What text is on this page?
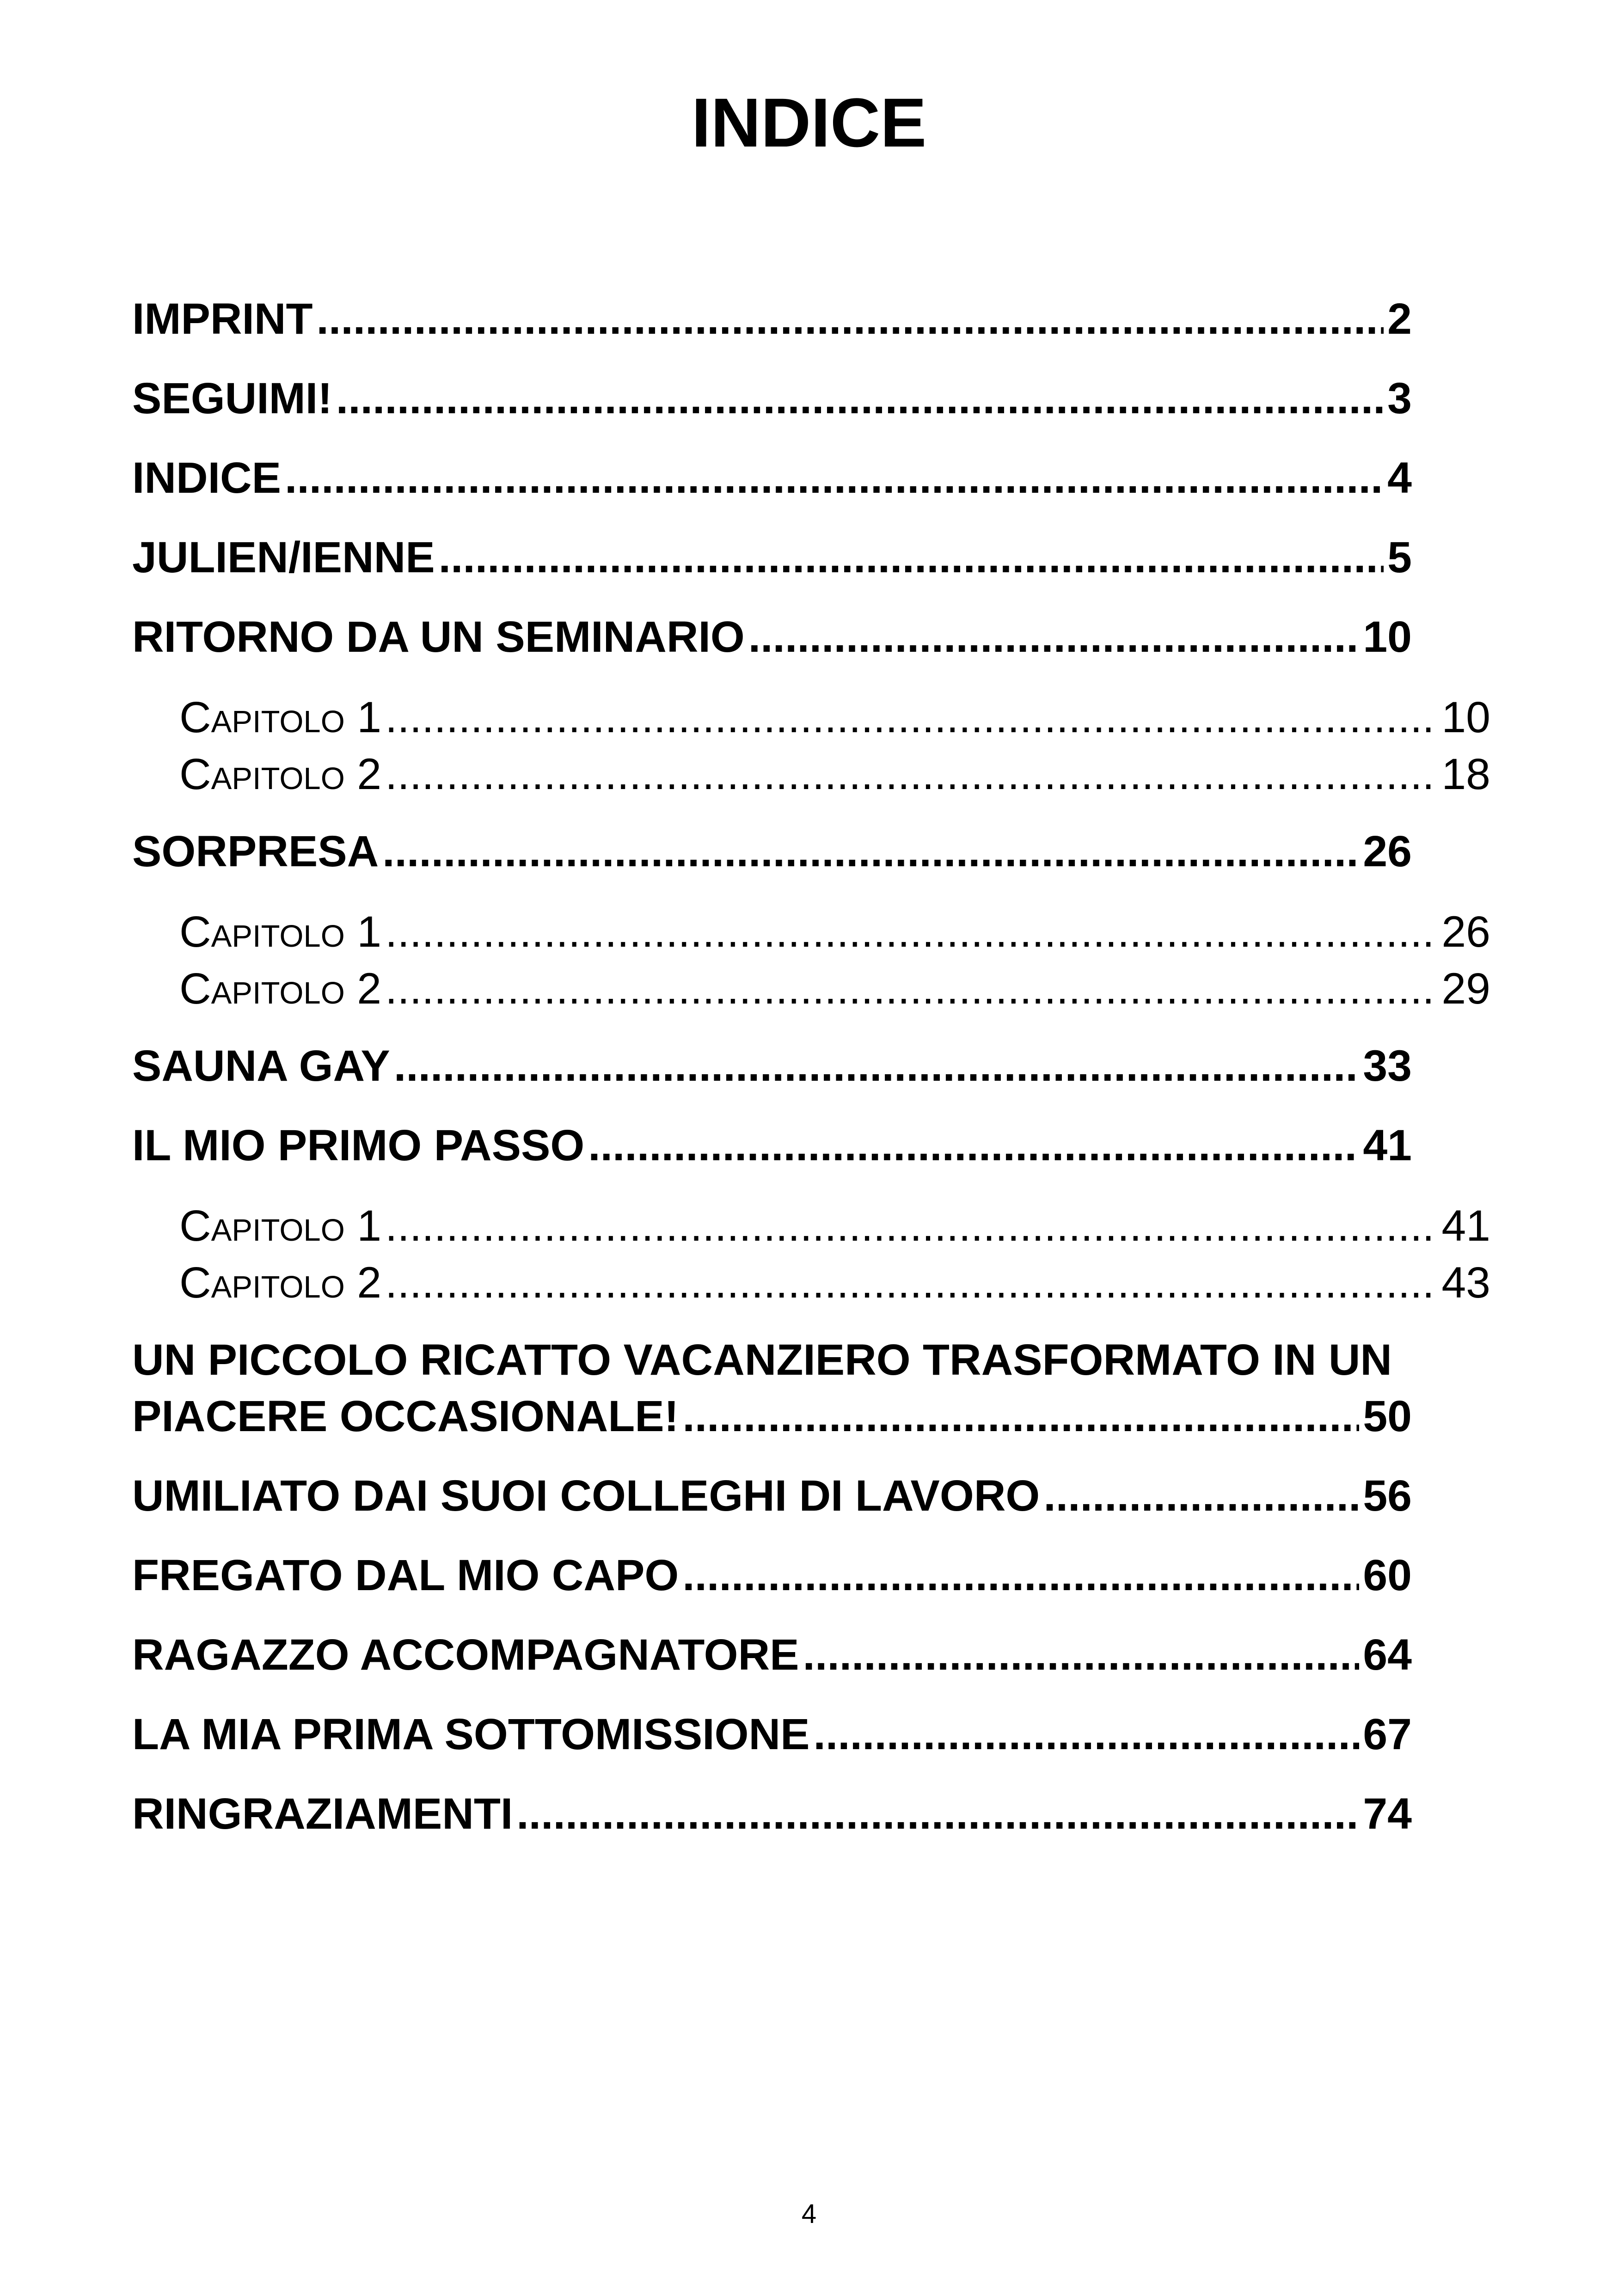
INDICE
IMPRINT .....	2
SEGUIMI! .....	3
INDICE .....	4
JULIEN/IENNE .....	5
RITORNO DA UN SEMINARIO .....	10
Capitolo 1 .....	10
Capitolo 2 .....	18
SORPRESA .....	26
Capitolo 1 .....	26
Capitolo 2 .....	29
SAUNA GAY .....	33
IL MIO PRIMO PASSO .....	41
Capitolo 1 .....	41
Capitolo 2 .....	43
UN PICCOLO RICATTO VACANZIERO TRASFORMATO IN UN
PIACERE OCCASIONALE! .....	50
UMILIATO DAI SUOI COLLEGHI DI LAVORO .....	56
FREGATO DAL MIO CAPO .....	60
RAGAZZO ACCOMPAGNATORE .....	64
LA MIA PRIMA SOTTOMISSIONE .....	67
RINGRAZIAMENTI .....	74
4
